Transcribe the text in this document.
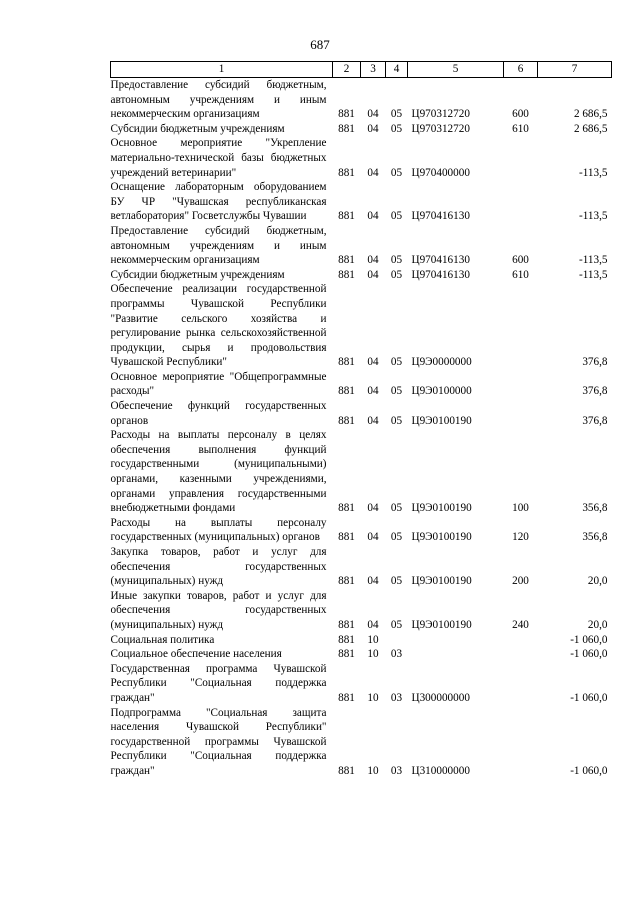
687
1	2	3	4	5	6	7
Предоставление субсидий бюджетным, автономным учреждениям и иным некоммерческим организациям	881	04	05	Ц970312720	600	2 686,5
Субсидии бюджетным учреждениям	881	04	05	Ц970312720	610	2 686,5
Основное мероприятие "Укрепление материально-технической базы бюджетных учреждений ветеринарии"	881	04	05	Ц970400000		-113,5
Оснащение лабораторным оборудованием БУ ЧР "Чувашская республиканская ветлаборатория" Госветслужбы Чувашии	881	04	05	Ц970416130		-113,5
Предоставление субсидий бюджетным, автономным учреждениям и иным некоммерческим организациям	881	04	05	Ц970416130	600	-113,5
Субсидии бюджетным учреждениям	881	04	05	Ц970416130	610	-113,5
Обеспечение реализации государственной программы Чувашской Республики "Развитие сельского хозяйства и регулирование рынка сельскохозяйственной продукции, сырья и продовольствия Чувашской Республики"	881	04	05	Ц9Э0000000		376,8
Основное мероприятие "Общепрограммные расходы"	881	04	05	Ц9Э0100000		376,8
Обеспечение функций государственных органов	881	04	05	Ц9Э0100190		376,8
Расходы на выплаты персоналу в целях обеспечения выполнения функций государственными (муниципальными) органами, казенными учреждениями, органами управления государственными внебюджетными фондами	881	04	05	Ц9Э0100190	100	356,8
Расходы на выплаты персоналу государственных (муниципальных) органов	881	04	05	Ц9Э0100190	120	356,8
Закупка товаров, работ и услуг для обеспечения государственных (муниципальных) нужд	881	04	05	Ц9Э0100190	200	20,0
Иные закупки товаров, работ и услуг для обеспечения государственных (муниципальных) нужд	881	04	05	Ц9Э0100190	240	20,0
Социальная политика	881	10				-1 060,0
Социальное обеспечение населения	881	10	03			-1 060,0
Государственная программа Чувашской Республики "Социальная поддержка граждан"	881	10	03	Ц300000000		-1 060,0
Подпрограмма "Социальная защита населения Чувашской Республики" государственной программы Чувашской Республики "Социальная поддержка граждан"	881	10	03	Ц310000000		-1 060,0
